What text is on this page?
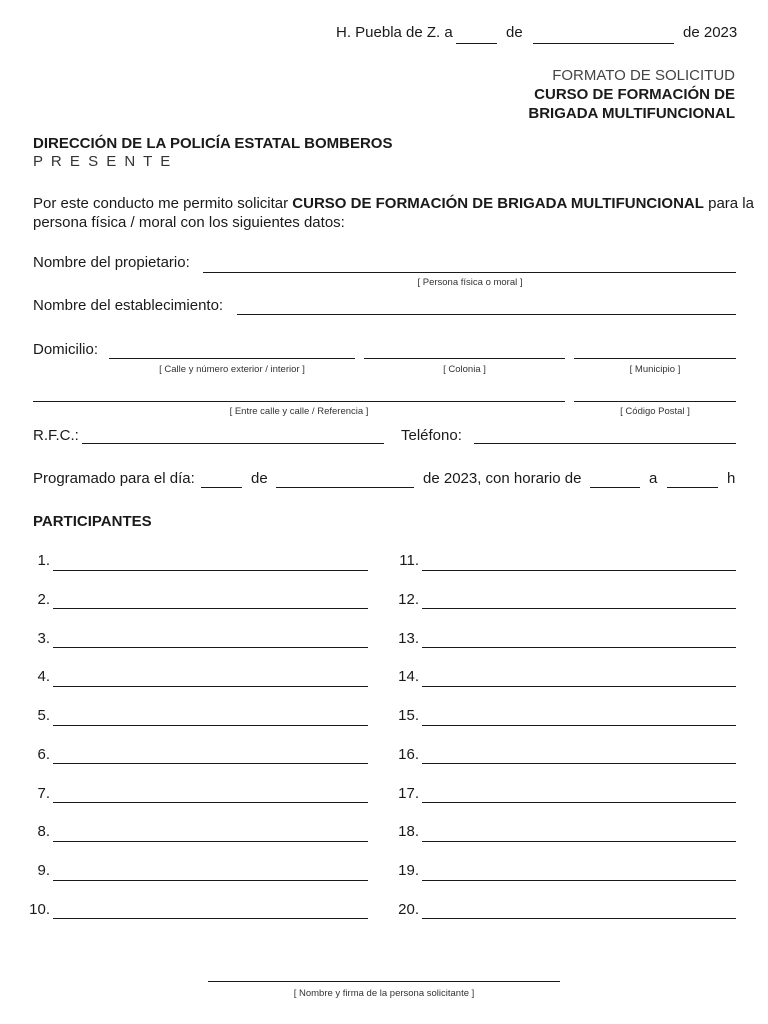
H. Puebla de Z. a	de	de 2023
FORMATO DE SOLICITUD
CURSO DE FORMACIÓN DE
BRIGADA MULTIFUNCIONAL
DIRECCIÓN DE LA POLICÍA ESTATAL BOMBEROS
P R E S E N T E
Por este conducto me permito solicitar CURSO DE FORMACIÓN DE BRIGADA MULTIFUNCIONAL para la
persona física / moral con los siguientes datos:
Nombre del propietario:
[ Persona física o moral ]
Nombre del establecimiento:
Domicilio:
[ Calle y número exterior / interior ]	[ Colonia ]	[ Municipio ]
[ Entre calle y calle / Referencia ]	[ Código Postal ]
R.F.C.:	Teléfono:
Programado para el día:	de	de 2023, con horario de	a	h
PARTICIPANTES
1.
2.
3.
4.
5.
6.
7.
8.
9.
10.
11.
12.
13.
14.
15.
16.
17.
18.
19.
20.
[ Nombre y firma de la persona solicitante ]
